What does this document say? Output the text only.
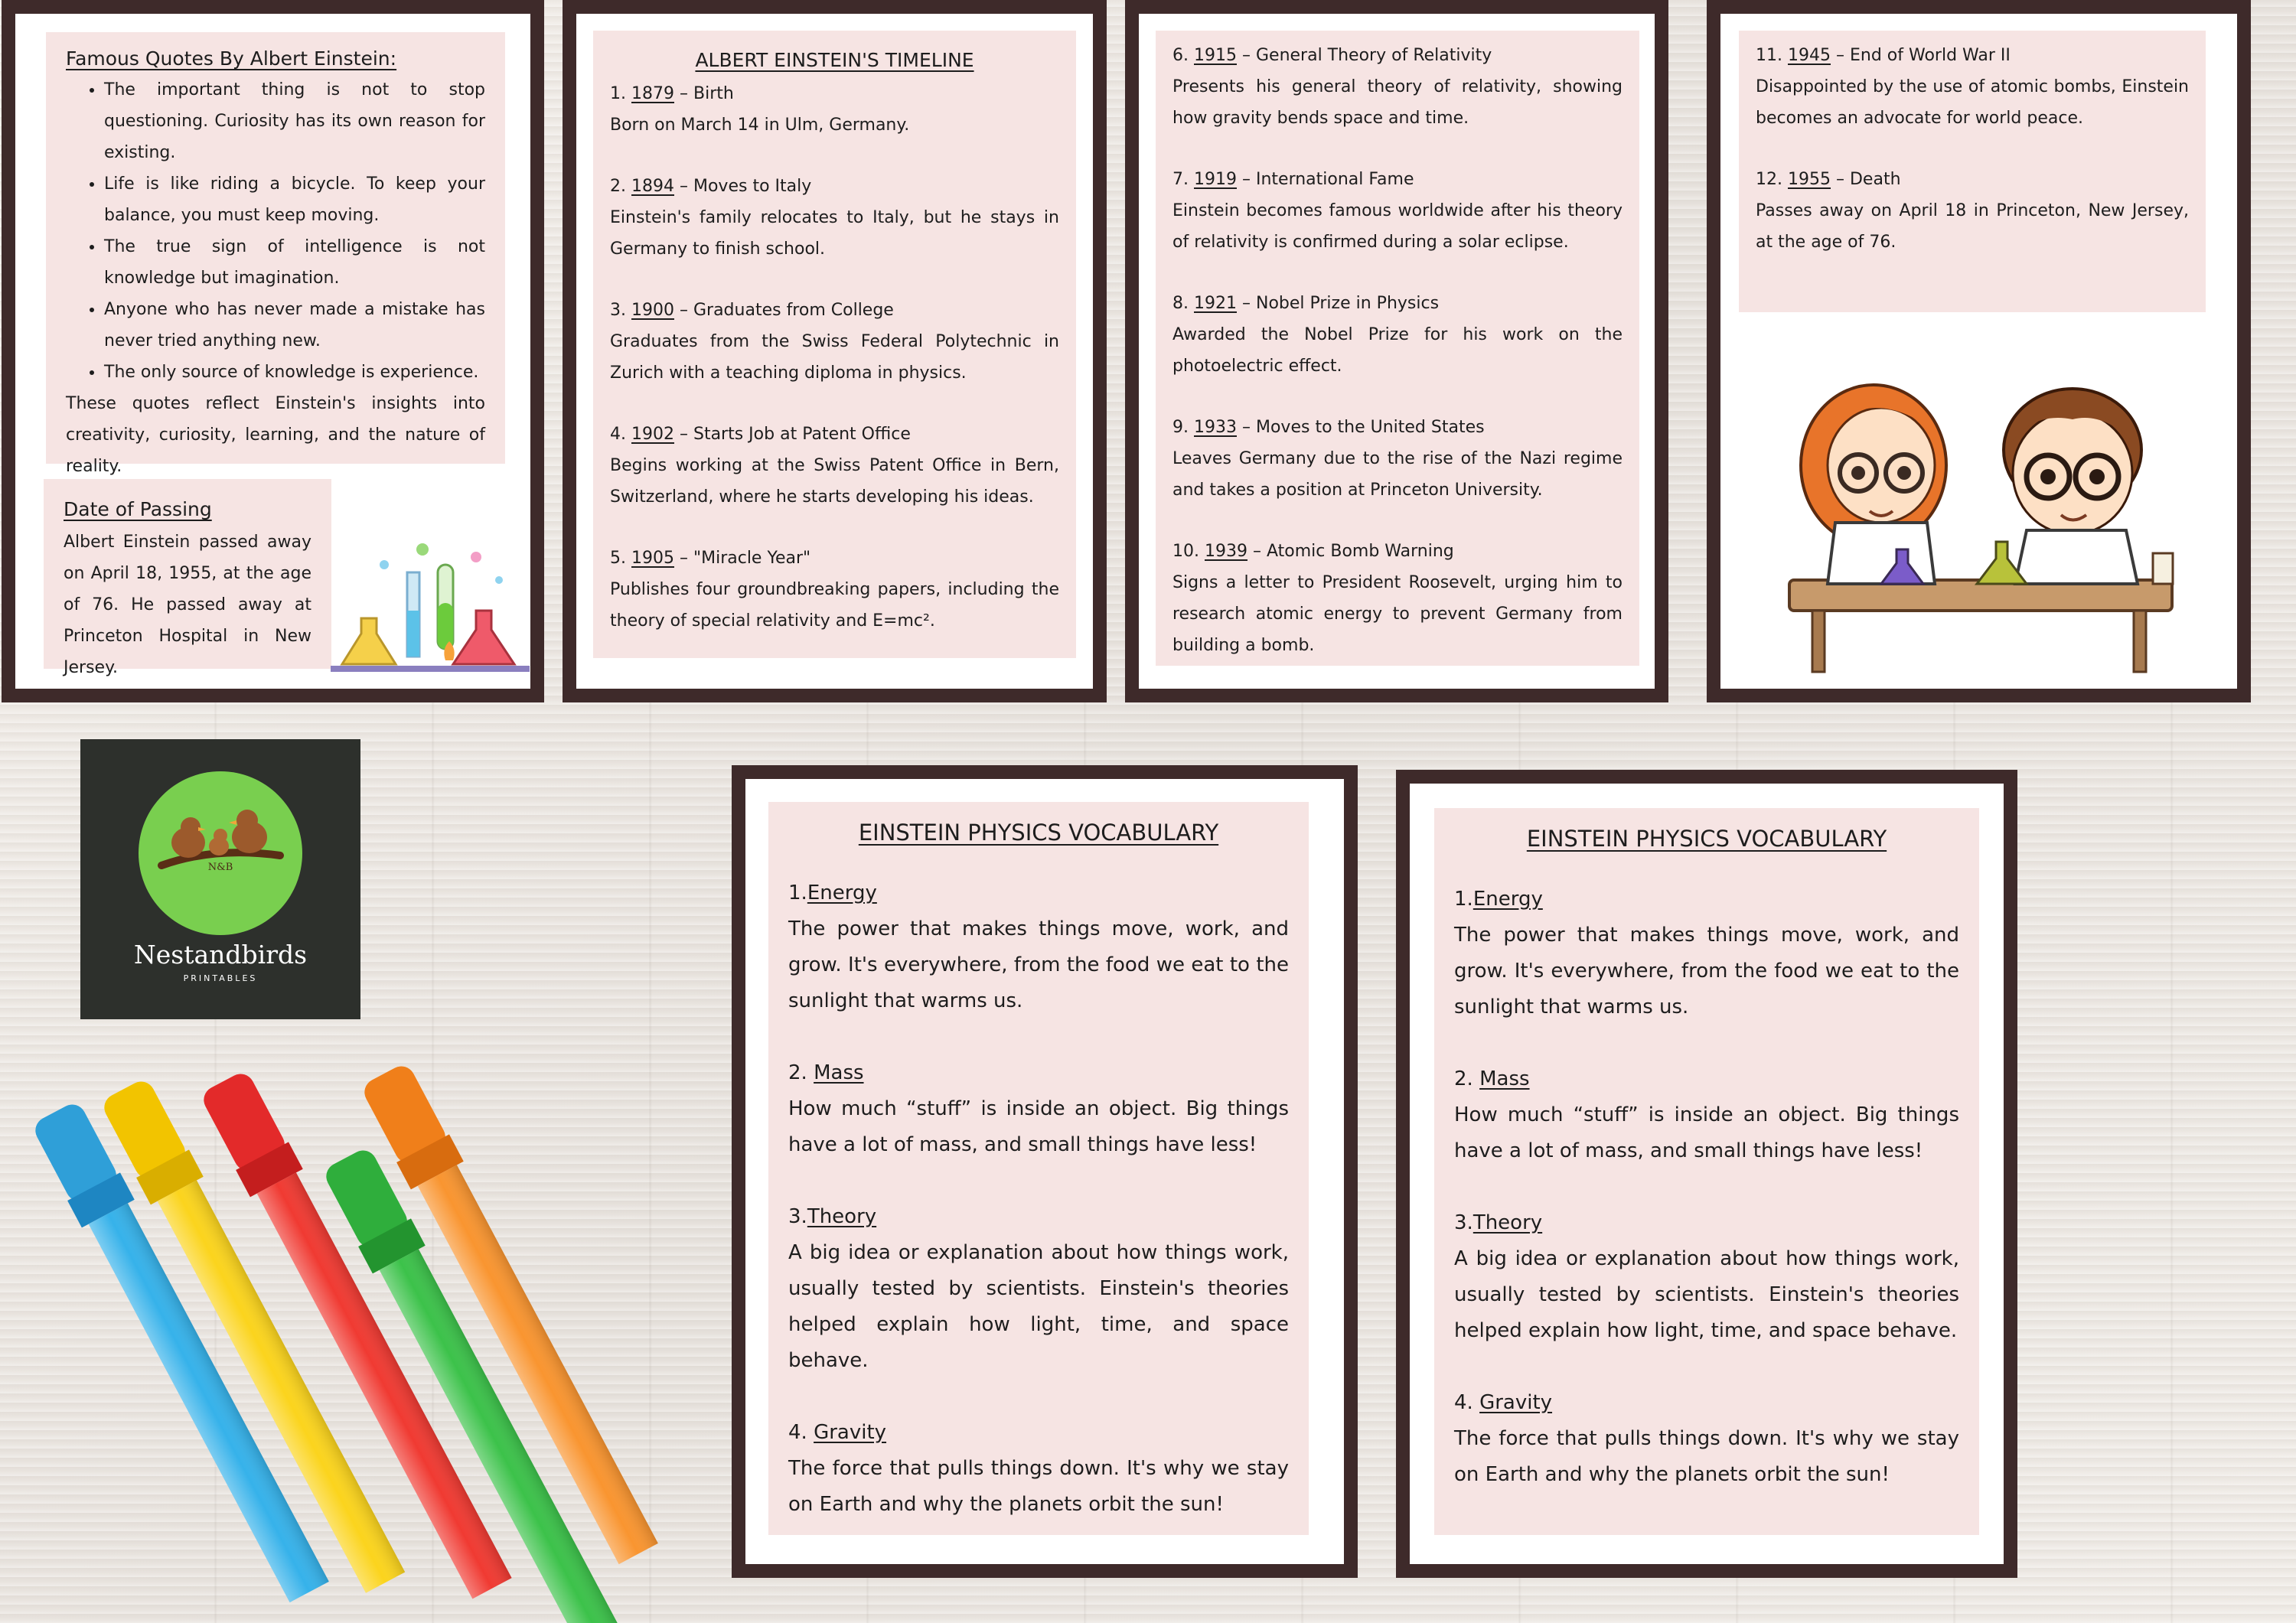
Famous Quotes By Albert Einstein:
• The important thing is not to stop questioning. Curiosity has its own reason for existing.
• Life is like riding a bicycle. To keep your balance, you must keep moving.
• The true sign of intelligence is not knowledge but imagination.
• Anyone who has never made a mistake has never tried anything new.
• The only source of knowledge is experience.
These quotes reflect Einstein's insights into creativity, curiosity, learning, and the nature of reality.
Date of Passing
Albert Einstein passed away on April 18, 1955, at the age of 76. He passed away at Princeton Hospital in New Jersey.
ALBERT EINSTEIN'S TIMELINE
1. 1879 – Birth
Born on March 14 in Ulm, Germany.
2. 1894 – Moves to Italy
Einstein's family relocates to Italy, but he stays in Germany to finish school.
3. 1900 – Graduates from College
Graduates from the Swiss Federal Polytechnic in Zurich with a teaching diploma in physics.
4. 1902 – Starts Job at Patent Office
Begins working at the Swiss Patent Office in Bern, Switzerland, where he starts developing his ideas.
5. 1905 – "Miracle Year"
Publishes four groundbreaking papers, including the theory of special relativity and E=mc².
6. 1915 – General Theory of Relativity
Presents his general theory of relativity, showing how gravity bends space and time.
7. 1919 – International Fame
Einstein becomes famous worldwide after his theory of relativity is confirmed during a solar eclipse.
8. 1921 – Nobel Prize in Physics
Awarded the Nobel Prize for his work on the photoelectric effect.
9. 1933 – Moves to the United States
Leaves Germany due to the rise of the Nazi regime and takes a position at Princeton University.
10. 1939 – Atomic Bomb Warning
Signs a letter to President Roosevelt, urging him to research atomic energy to prevent Germany from building a bomb.
11. 1945 – End of World War II
Disappointed by the use of atomic bombs, Einstein becomes an advocate for world peace.
12. 1955 – Death
Passes away on April 18 in Princeton, New Jersey, at the age of 76.
N&B
Nestandbirds
PRINTABLES
EINSTEIN PHYSICS VOCABULARY
1.Energy
The power that makes things move, work, and grow. It's everywhere, from the food we eat to the sunlight that warms us.
2. Mass
How much “stuff” is inside an object. Big things have a lot of mass, and small things have less!
3.Theory
A big idea or explanation about how things work, usually tested by scientists. Einstein's theories helped explain how light, time, and space behave.
4. Gravity
The force that pulls things down. It's why we stay on Earth and why the planets orbit the sun!
EINSTEIN PHYSICS VOCABULARY
1.Energy
The power that makes things move, work, and grow. It's everywhere, from the food we eat to the sunlight that warms us.
2. Mass
How much “stuff” is inside an object. Big things have a lot of mass, and small things have less!
3.Theory
A big idea or explanation about how things work, usually tested by scientists. Einstein's theories helped explain how light, time, and space behave.
4. Gravity
The force that pulls things down. It's why we stay on Earth and why the planets orbit the sun!
